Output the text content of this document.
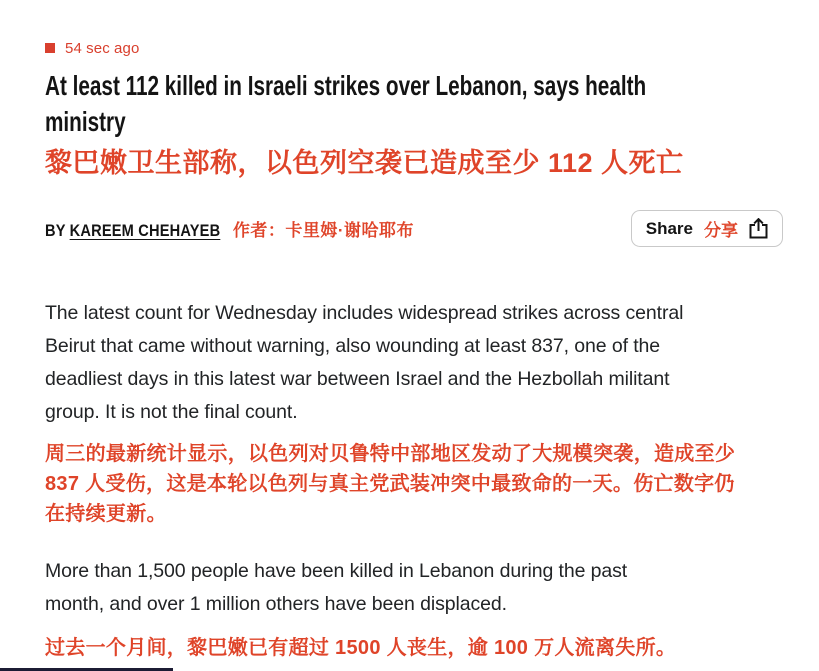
54 sec ago
At least 112 killed in Israeli strikes over Lebanon, says health
ministry
黎巴嫩卫生部称，以色列空袭已造成至少 112 人死亡
BY KAREEM CHEHAYEB 作者：卡里姆·谢哈耶布	Share 分享

The latest count for Wednesday includes widespread strikes across central
Beirut that came without warning, also wounding at least 837, one of the
deadliest days in this latest war between Israel and the Hezbollah militant
group. It is not the final count.

周三的最新统计显示，以色列对贝鲁特中部地区发动了大规模突袭，造成至少
837 人受伤，这是本轮以色列与真主党武装冲突中最致命的一天。伤亡数字仍
在持续更新。

More than 1,500 people have been killed in Lebanon during the past
month, and over 1 million others have been displaced.

过去一个月间，黎巴嫩已有超过 1500 人丧生，逾 100 万人流离失所。
